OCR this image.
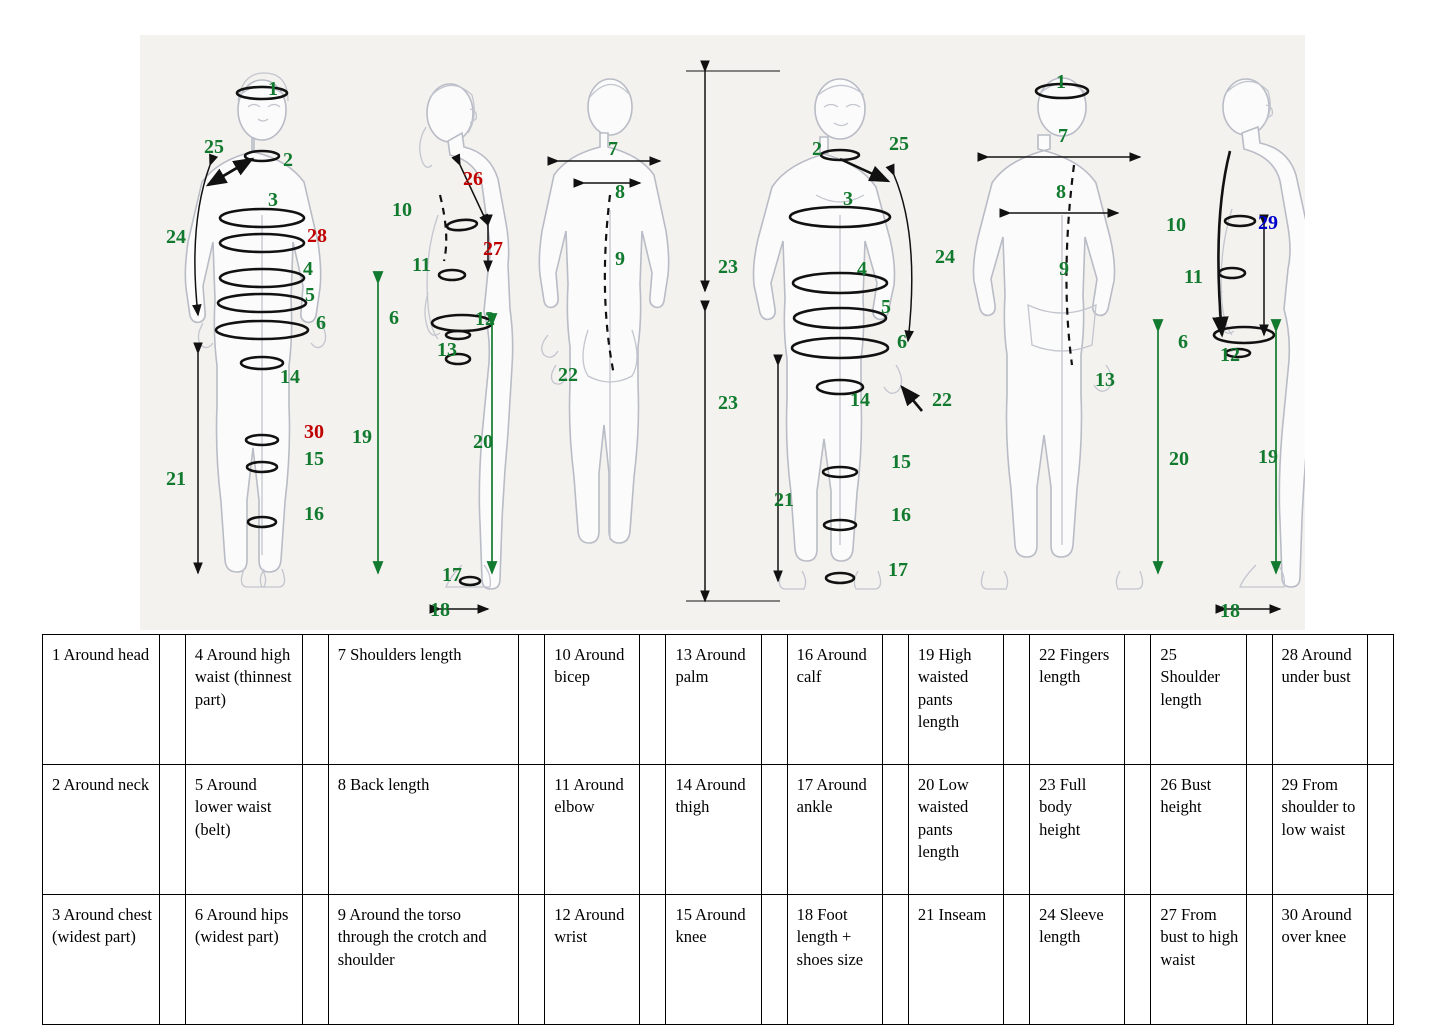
1
25
2
3
24	28
4
5
6
14
30
15
16
21
26
10
27
11
6	12
13
19	20
17
18
7
8
9	23
22
23
2	25
3
4
24
5
6
14	22
21
15
16
17
1
7
8
9
13
29
10
11
6
12
20	19
18
1 Around head		4 Around high waist (thinnest part)		7 Shoulders length		10 Around bicep		13 Around palm		16 Around calf		19 High waisted pants length		22 Fingers length		25 Shoulder length		28 Around under bust	
2 Around neck		5 Around lower waist (belt)		8 Back length		11 Around elbow		14 Around thigh		17 Around ankle		20 Low waisted pants length		23 Full body height		26 Bust height		29 From shoulder to low waist	
3 Around chest (widest part)		6 Around hips (widest part)		9 Around the torso through the crotch and shoulder		12 Around wrist		15 Around knee		18 Foot length + shoes size		21 Inseam		24 Sleeve length		27 From bust to high waist		30 Around over knee	
